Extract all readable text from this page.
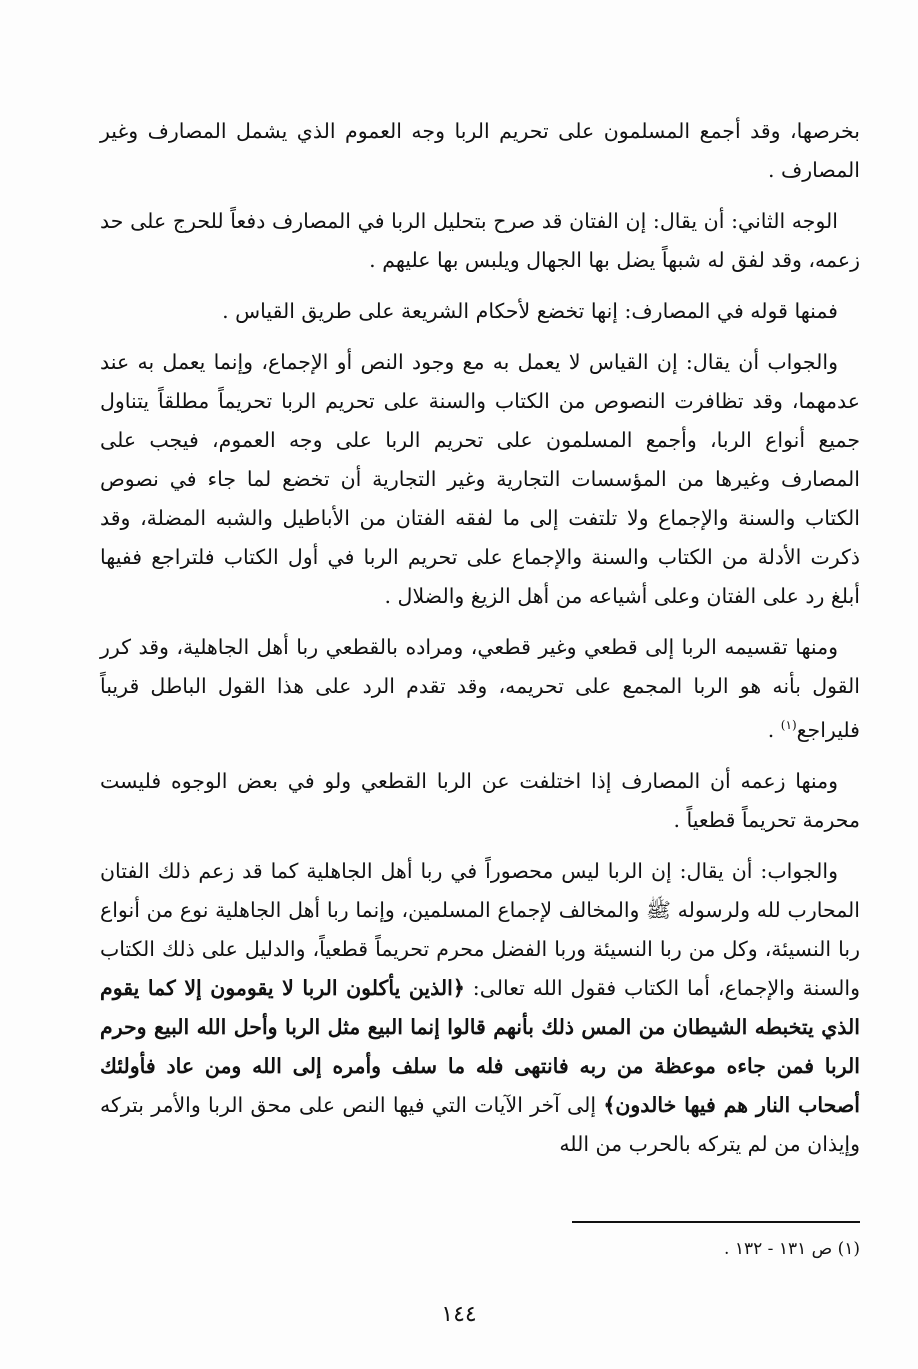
بخرصها، وقد أجمع المسلمون على تحريم الربا وجه العموم الذي يشمل المصارف وغير المصارف .

الوجه الثاني: أن يقال: إن الفتان قد صرح بتحليل الربا في المصارف دفعاً للحرج على حد زعمه، وقد لفق له شبهاً يضل بها الجهال ويلبس بها عليهم .

فمنها قوله في المصارف: إنها تخضع لأحكام الشريعة على طريق القياس .

والجواب أن يقال: إن القياس لا يعمل به مع وجود النص أو الإجماع، وإنما يعمل به عند عدمهما، وقد تظافرت النصوص من الكتاب والسنة على تحريم الربا تحريماً مطلقاً يتناول جميع أنواع الربا، وأجمع المسلمون على تحريم الربا على وجه العموم، فيجب على المصارف وغيرها من المؤسسات التجارية وغير التجارية أن تخضع لما جاء في نصوص الكتاب والسنة والإجماع ولا تلتفت إلى ما لفقه الفتان من الأباطيل والشبه المضلة، وقد ذكرت الأدلة من الكتاب والسنة والإجماع على تحريم الربا في أول الكتاب فلتراجع ففيها أبلغ رد على الفتان وعلى أشياعه من أهل الزيغ والضلال .

ومنها تقسيمه الربا إلى قطعي وغير قطعي، ومراده بالقطعي ربا أهل الجاهلية، وقد كرر القول بأنه هو الربا المجمع على تحريمه، وقد تقدم الرد على هذا القول الباطل قريباً فليراجع$^{(١)}$ .

ومنها زعمه أن المصارف إذا اختلفت عن الربا القطعي ولو في بعض الوجوه فليست محرمة تحريماً قطعياً .

والجواب: أن يقال: إن الربا ليس محصوراً في ربا أهل الجاهلية كما قد زعم ذلك الفتان المحارب لله ولرسوله ﷺ والمخالف لإجماع المسلمين، وإنما ربا أهل الجاهلية نوع من أنواع ربا النسيئة، وكل من ربا النسيئة وربا الفضل محرم تحريماً قطعياً، والدليل على ذلك الكتاب والسنة والإجماع، أما الكتاب فقول الله تعالى: ﴿الذين يأكلون الربا لا يقومون إلا كما يقوم الذي يتخبطه الشيطان من المس ذلك بأنهم قالوا إنما البيع مثل الربا وأحل الله البيع وحرم الربا فمن جاءه موعظة من ربه فانتهى فله ما سلف وأمره إلى الله ومن عاد فأولئك أصحاب النار هم فيها خالدون﴾ إلى آخر الآيات التي فيها النص على محق الربا والأمر بتركه وإيذان من لم يتركه بالحرب من الله

(١) ص ١٣١ - ١٣٢ .
١٤٤
